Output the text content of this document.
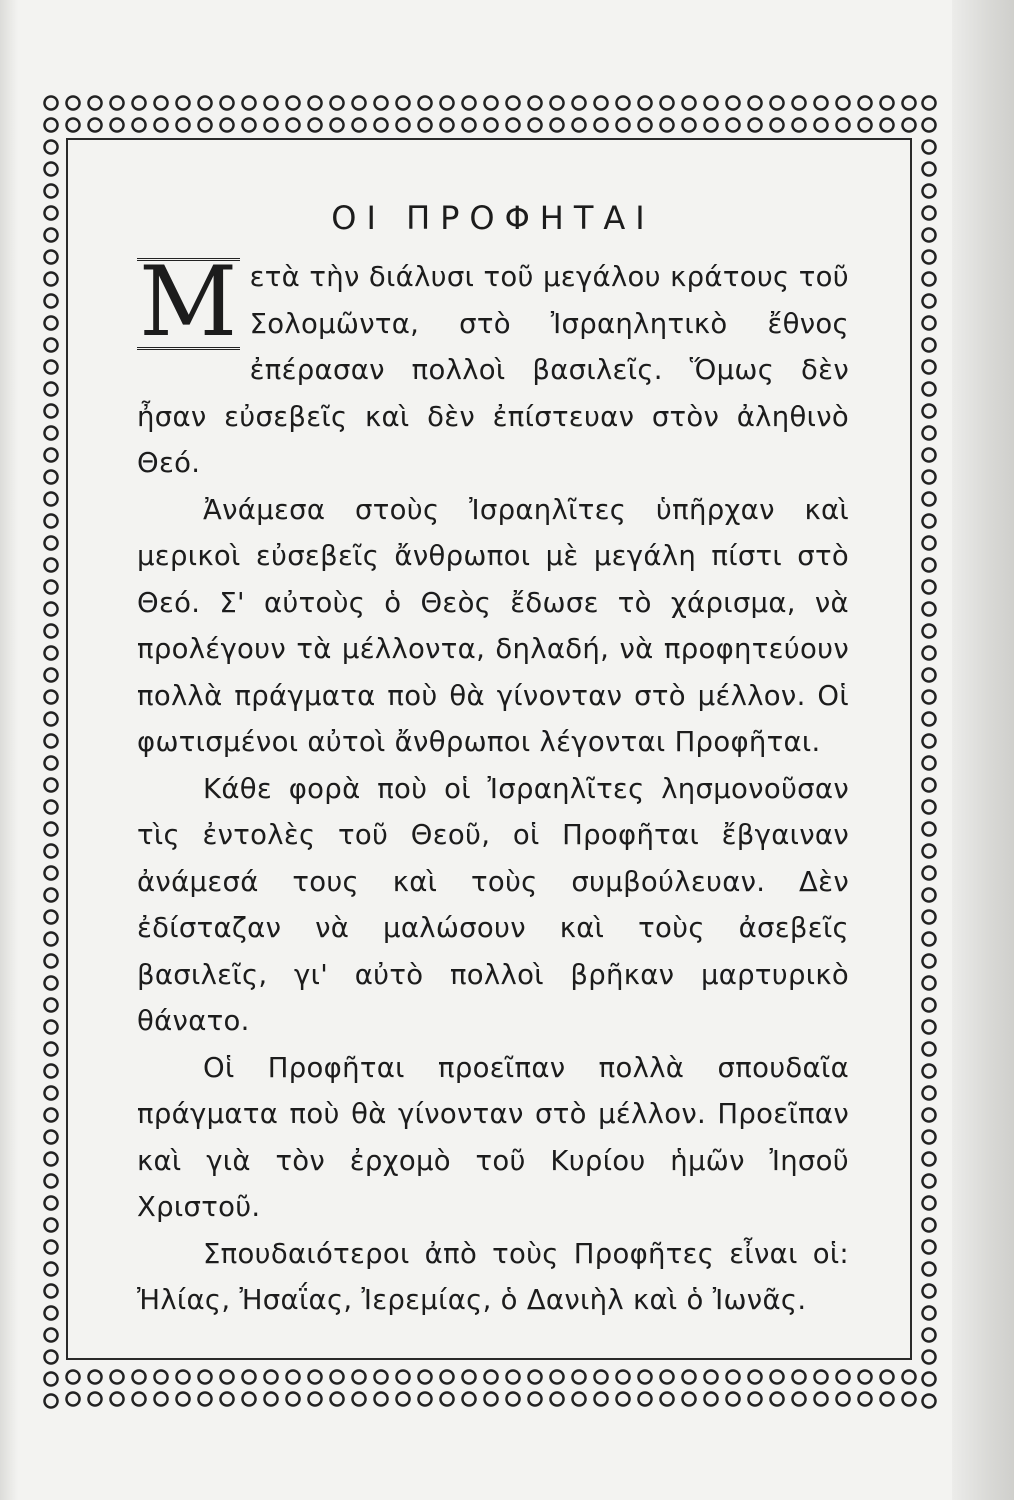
ΟΙ ΠΡΟΦΗΤΑΙ

Μ ετὰ τὴν διάλυσι τοῦ μεγάλου κράτους τοῦ Σολομῶντα, στὸ Ἰσραηλητικὸ ἔθνος ἐπέρασαν πολλοὶ βασιλεῖς. Ὅμως δὲν ἦσαν εὐσεβεῖς καὶ δὲν ἐπίστευαν στὸν ἀληθινὸ Θεό.

Ἀνάμεσα στοὺς Ἰσραηλῖτες ὑπῆρχαν καὶ μερικοὶ εὐσεβεῖς ἄνθρωποι μὲ μεγάλη πίστι στὸ Θεό. Σ' αὐτοὺς ὁ Θεὸς ἔδωσε τὸ χάρισμα, νὰ προλέγουν τὰ μέλλοντα, δηλαδή, νὰ προφητεύουν πολλὰ πράγματα ποὺ θὰ γίνονταν στὸ μέλλον. Οἱ φωτισμένοι αὐτοὶ ἄνθρωποι λέγονται Προφῆται.

Κάθε φορὰ ποὺ οἱ Ἰσραηλῖτες λησμονοῦσαν τὶς ἐντολὲς τοῦ Θεοῦ, οἱ Προφῆται ἔβγαιναν ἀνάμεσά τους καὶ τοὺς συμβούλευαν. Δὲν ἐδίσταζαν νὰ μαλώσουν καὶ τοὺς ἀσεβεῖς βασιλεῖς, γι' αὐτὸ πολλοὶ βρῆκαν μαρτυρικὸ θάνατο.

Οἱ Προφῆται προεῖπαν πολλὰ σπουδαῖα πράγματα ποὺ θὰ γίνονταν στὸ μέλλον. Προεῖπαν καὶ γιὰ τὸν ἐρχομὸ τοῦ Κυρίου ἡμῶν Ἰησοῦ Χριστοῦ.

Σπουδαιότεροι ἀπὸ τοὺς Προφῆτες εἶναι οἱ: Ἠλίας, Ἠσαΐας, Ἰερεμίας, ὁ Δανιὴλ καὶ ὁ Ἰωνᾶς.
